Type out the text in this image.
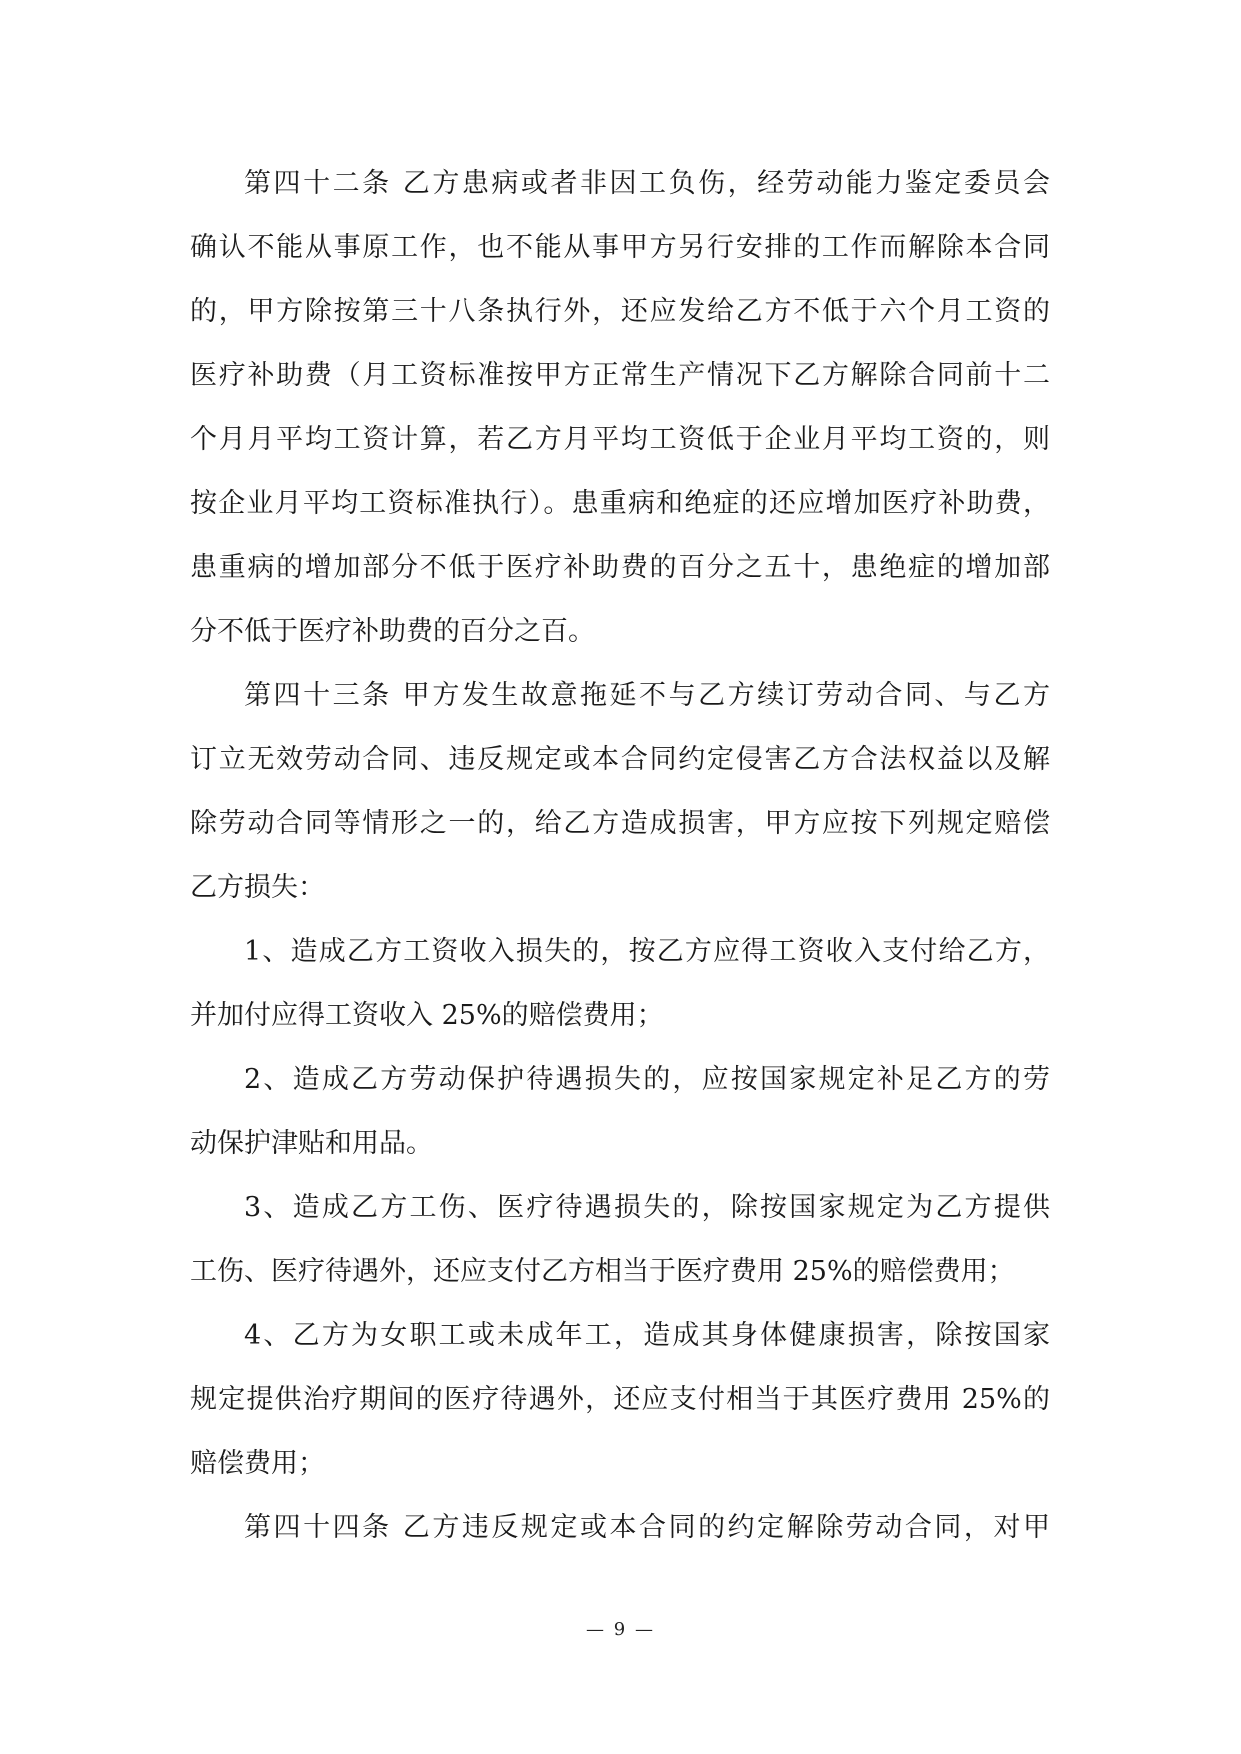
第四十二条 乙方患病或者非因工负伤，经劳动能力鉴定委员会
确认不能从事原工作，也不能从事甲方另行安排的工作而解除本合同
的，甲方除按第三十八条执行外，还应发给乙方不低于六个月工资的
医疗补助费（月工资标准按甲方正常生产情况下乙方解除合同前十二
个月月平均工资计算，若乙方月平均工资低于企业月平均工资的，则
按企业月平均工资标准执行）。患重病和绝症的还应增加医疗补助费，
患重病的增加部分不低于医疗补助费的百分之五十，患绝症的增加部
分不低于医疗补助费的百分之百。
第四十三条 甲方发生故意拖延不与乙方续订劳动合同、与乙方
订立无效劳动合同、违反规定或本合同约定侵害乙方合法权益以及解
除劳动合同等情形之一的，给乙方造成损害，甲方应按下列规定赔偿
乙方损失：
1、造成乙方工资收入损失的，按乙方应得工资收入支付给乙方，
并加付应得工资收入 25%的赔偿费用；
2、造成乙方劳动保护待遇损失的，应按国家规定补足乙方的劳
动保护津贴和用品。
3、造成乙方工伤、医疗待遇损失的，除按国家规定为乙方提供
工伤、医疗待遇外，还应支付乙方相当于医疗费用 25%的赔偿费用；
4、乙方为女职工或未成年工，造成其身体健康损害，除按国家
规定提供治疗期间的医疗待遇外，还应支付相当于其医疗费用 25%的
赔偿费用；
第四十四条 乙方违反规定或本合同的约定解除劳动合同，对甲
— 9 —
